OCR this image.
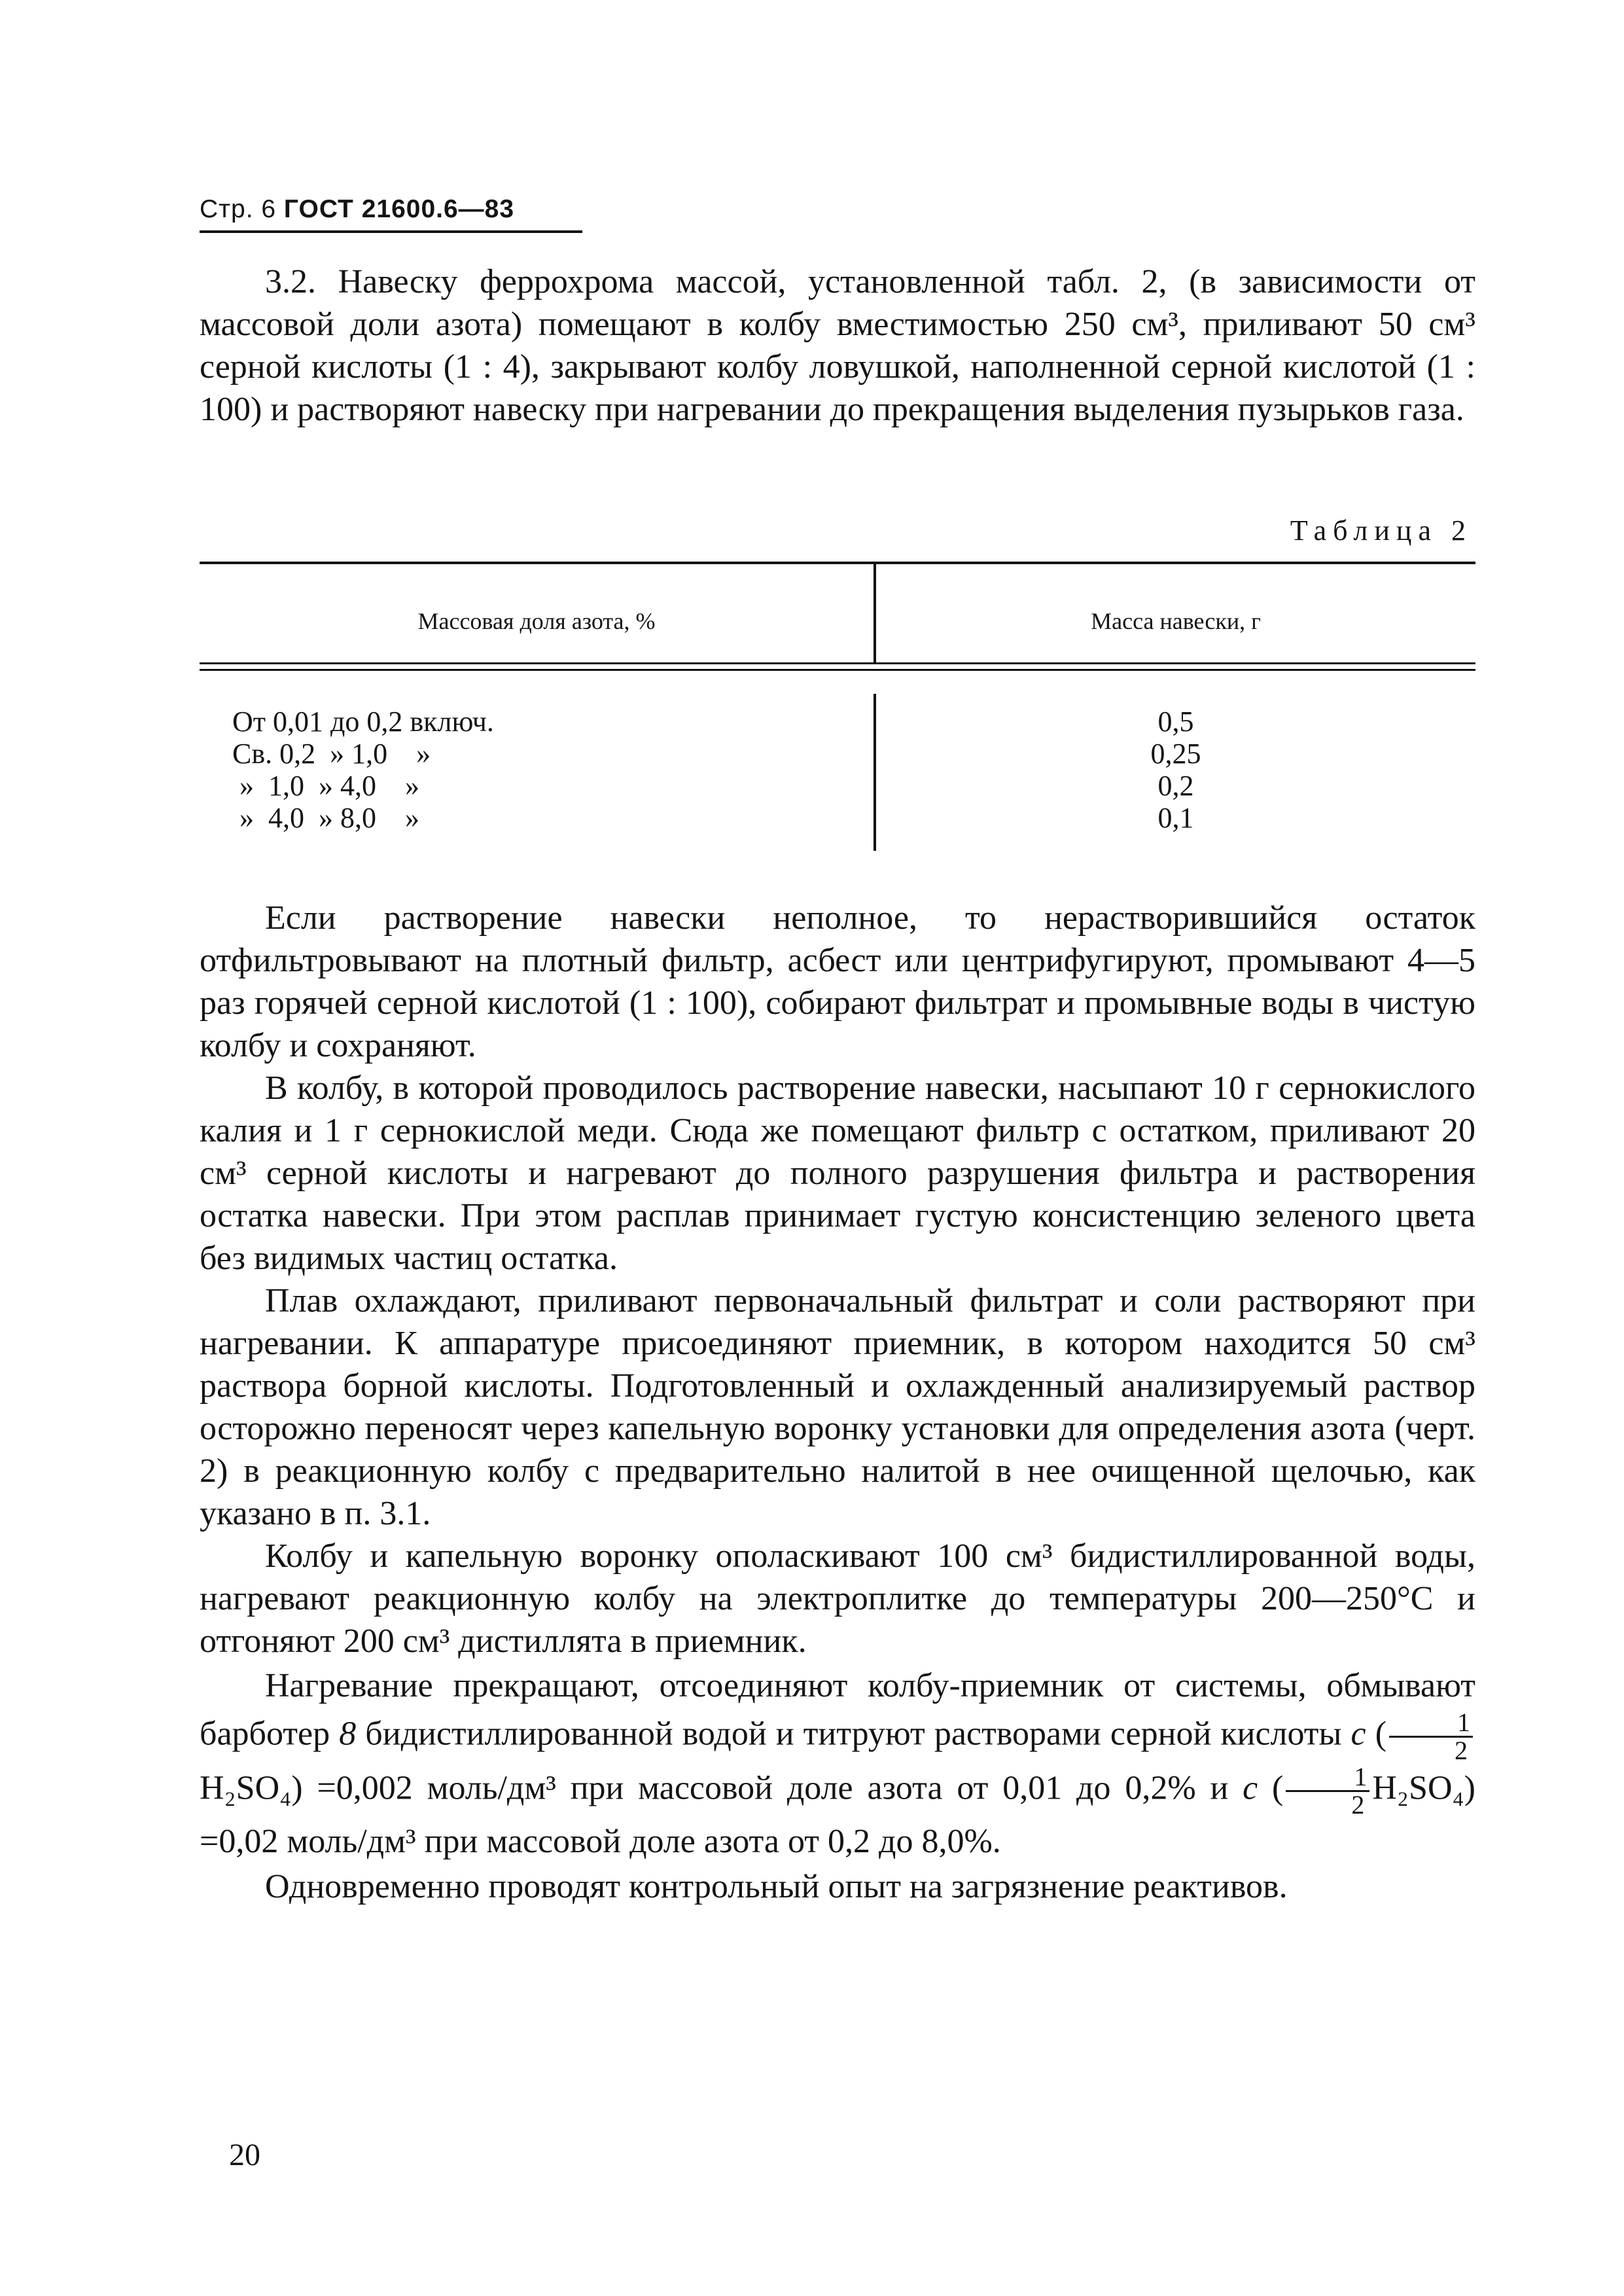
Стр. 6 ГОСТ 21600.6—83

3.2. Навеску феррохрома массой, установленной табл. 2, (в зависимости от массовой доли азота) помещают в колбу вместимостью 250 см³, приливают 50 см³ серной кислоты (1 : 4), закрывают колбу ловушкой, наполненной серной кислотой (1 : 100) и растворяют навеску при нагревании до прекращения выделения пузырьков газа.

Таблица 2
Массовая доля азота, %	Масса навески, г
От 0,01 до 0,2 включ.	0,5
Св. 0,2  » 1,0    »	0,25
»  1,0  » 4,0    »	0,2
»  4,0  » 8,0    »	0,1

Если растворение навески неполное, то нерастворившийся остаток отфильтровывают на плотный фильтр, асбест или центрифугируют, промывают 4—5 раз горячей серной кислотой (1 : 100), собирают фильтрат и промывные воды в чистую колбу и сохраняют.

В колбу, в которой проводилось растворение навески, насыпают 10 г сернокислого калия и 1 г сернокислой меди. Сюда же помещают фильтр с остатком, приливают 20 см³ серной кислоты и нагревают до полного разрушения фильтра и растворения остатка навески. При этом расплав принимает густую консистенцию зеленого цвета без видимых частиц остатка.

Плав охлаждают, приливают первоначальный фильтрат и соли растворяют при нагревании. К аппаратуре присоединяют приемник, в котором находится 50 см³ раствора борной кислоты. Подготовленный и охлажденный анализируемый раствор осторожно переносят через капельную воронку установки для определения азота (черт. 2) в реакционную колбу с предварительно налитой в нее очищенной щелочью, как указано в п. 3.1.

Колбу и капельную воронку ополаскивают 100 см³ бидистиллированной воды, нагревают реакционную колбу на электроплитке до температуры 200—250°С и отгоняют 200 см³ дистиллята в приемник.

Нагревание прекращают, отсоединяют колбу-приемник от системы, обмывают барботер 8 бидистиллированной водой и титруют растворами серной кислоты c ( $\frac{1}{2}$
H₂SO₄) =0,002 моль/дм³ при массовой доле азота от 0,01 до 0,2% и c ( $\frac{1}{2} H_2SO_4) =0,02$ моль/дм³ при массовой доле азота от 0,2 до 8,0%.

Одновременно проводят контрольный опыт на загрязнение реактивов.

20
